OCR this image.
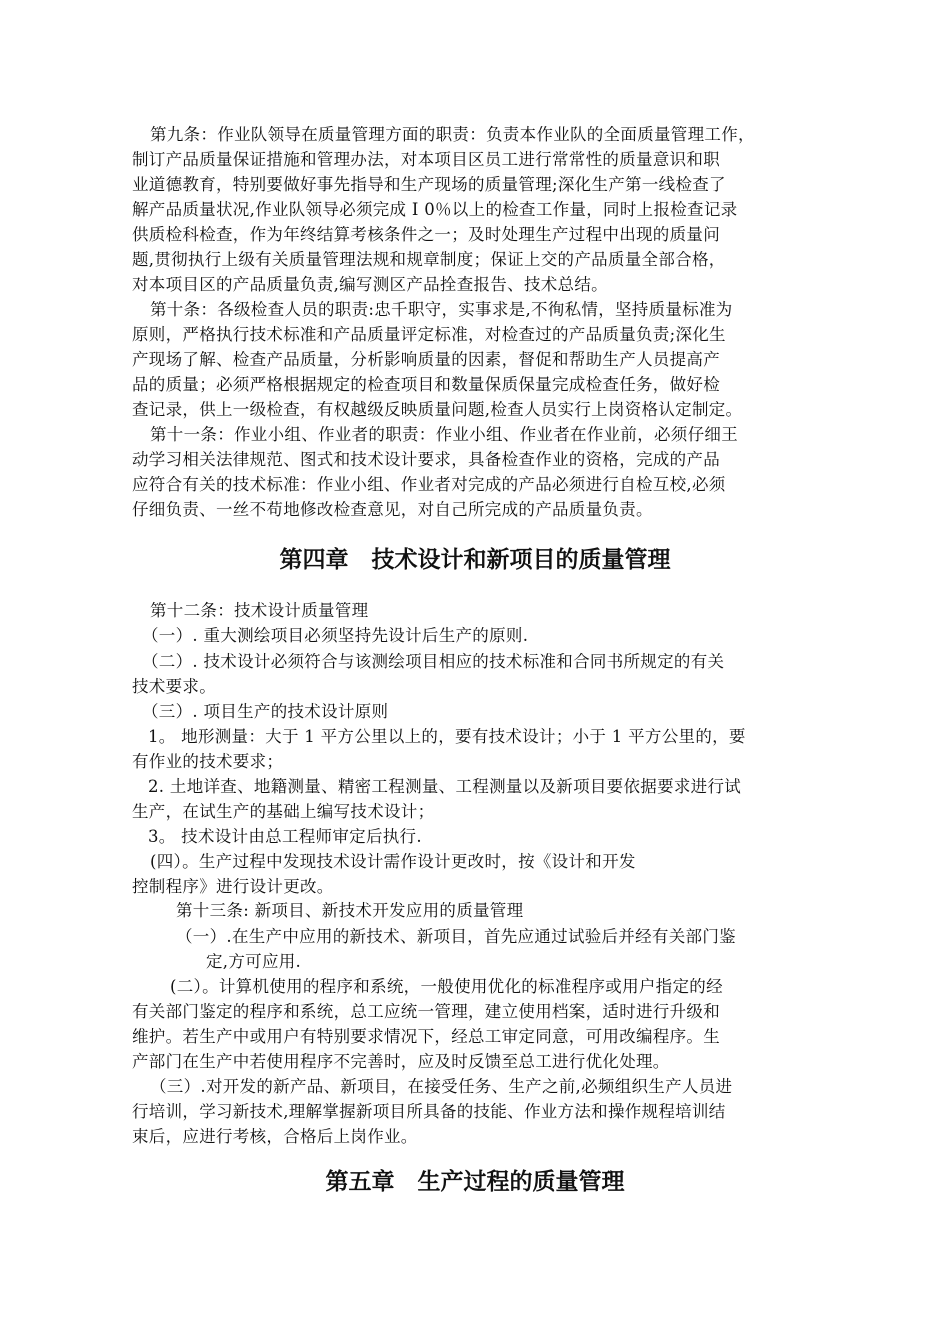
第九条：作业队领导在质量管理方面的职责：负责本作业队的全面质量管理工作，
制订产品质量保证措施和管理办法，对本项目区员工进行常常性的质量意识和职
业道德教育，特别要做好事先指导和生产现场的质量管理;深化生产第一线检查了
解产品质量状况,作业队领导必须完成 I 0％以上的检查工作量，同时上报检查记录
供质检科检查，作为年终结算考核条件之一；及时处理生产过程中出现的质量问
题,贯彻执行上级有关质量管理法规和规章制度；保证上交的产品质量全部合格，
对本项目区的产品质量负责,编写测区产品拴查报告、技术总结。
第十条：各级检查人员的职责:忠千职守，实事求是,不徇私情，坚持质量标准为
原则，严格执行技术标准和产品质量评定标准，对检查过的产品质量负责;深化生
产现场了解、检查产品质量，分析影响质量的因素，督促和帮助生产人员提高产
品的质量；必须严格根据规定的检查项目和数量保质保量完成检查任务，做好检
查记录，供上一级检查，有权越级反映质量问题,检查人员实行上岗资格认定制定。
第十一条：作业小组、作业者的职责：作业小组、作业者在作业前，必须仔细王
动学习相关法律规范、图式和技术设计要求，具备检查作业的资格，完成的产品
应符合有关的技术标准：作业小组、作业者对完成的产品必须进行自检互校,必须
仔细负责、一丝不苟地修改检查意见，对自己所完成的产品质量负责。
第四章　技术设计和新项目的质量管理
第十二条：技术设计质量管理
（一）. 重大测绘项目必须坚持先设计后生产的原则.
（二）. 技术设计必须符合与该测绘项目相应的技术标准和合同书所规定的有关
技术要求。
（三）. 项目生产的技术设计原则
1。 地形测量：大于 1 平方公里以上的，要有技术设计；小于 1 平方公里的，要
有作业的技术要求；
2. 土地详查、地籍测量、精密工程测量、工程测量以及新项目要依据要求进行试
生产，在试生产的基础上编写技术设计；
3。 技术设计由总工程师审定后执行.
(四）。生产过程中发现技术设计需作设计更改时，按《设计和开发
控制程序》进行设计更改。
第十三条: 新项目、新技术开发应用的质量管理
（一）.在生产中应用的新技术、新项目，首先应通过试验后并经有关部门鉴
定,方可应用.
(二）。计算机使用的程序和系统，一般使用优化的标准程序或用户指定的经
有关部门鉴定的程序和系统，总工应统一管理，建立使用档案，适时进行升级和
维护。若生产中或用户有特别要求情况下，经总工审定同意，可用改编程序。生
产部门在生产中若使用程序不完善时，应及时反馈至总工进行优化处理。
（三）.对开发的新产品、新项目，在接受任务、生产之前,必频组织生产人员进
行培训，学习新技术,理解掌握新项目所具备的技能、作业方法和操作规程培训结
束后，应进行考核，合格后上岗作业。
第五章　生产过程的质量管理
